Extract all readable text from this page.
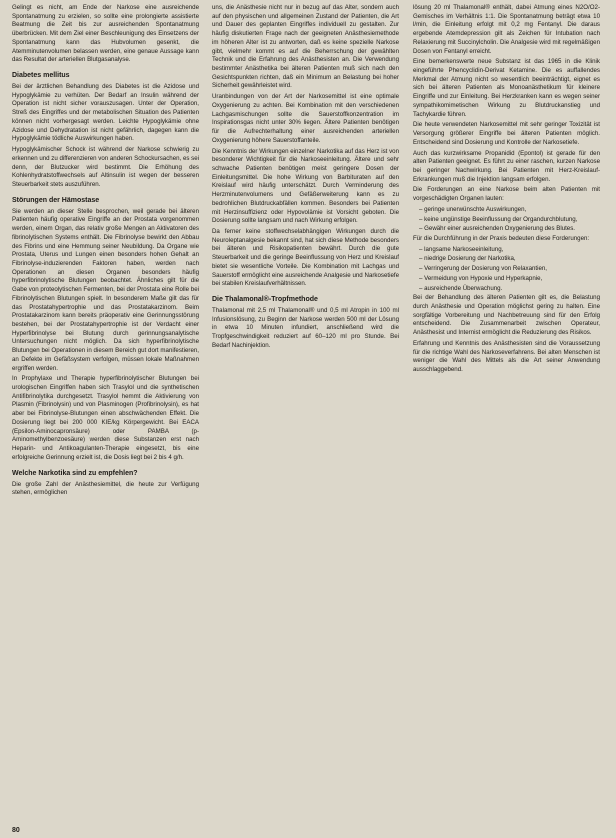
Gelingt es nicht, am Ende der Narkose eine ausreichende Spontanatmung zu erzielen, so sollte eine prolongierte assistierte Beatmung die Zeit bis zur ausreichenden Spontanatmung überbrücken. Mit dem Ziel einer Beschleunigung des Einsetzens der Spontanatmung kann das Hubvolumen gesenkt, die Atemminutenvolumen belassen werden, eine genaue Aussage kann das Resultat der arteriellen Blutgasanalyse.

Diabetes mellitus

Bei der ärztlichen Behandlung des Diabetes ist die Azidose und Hypoglykämie zu verhüten. Der Bedarf an Insulin während der Operation ist nicht sicher vorauszusagen. Unter der Operation, Streß des Eingriffes und der metabolischen Situation des Patienten können nicht vorhergesagt werden. Leichte Hypoglykämie ohne Azidose und Dehydratation ist nicht gefährlich, dagegen kann die Hypoglykämie tödliche Auswirkungen haben.

Hypoglykämischer Schock ist während der Narkose schwierig zu erkennen und zu differenzieren von anderen Schockursachen, es sei denn, der Blutzucker wird bestimmt. Die Erhöhung des Kohlenhydratstoffwechsels auf Altinsulin ist wegen der besseren Steuerbarkeit stets auszuführen.

Störungen der Hämostase

Sie werden an dieser Stelle besprochen, weil gerade bei älteren Patienten häufig operative Eingriffe an der Prostata vorgenommen werden, einem Organ, das relativ große Mengen an Aktivatoren des fibrinolytischen Systems enthält. Die Fibrinolyse bewirkt den Abbau des Fibrins und eine Hemmung seiner Neubildung. Da Organe wie Prostata, Uterus und Lungen einen besonders hohen Gehalt an Fibrinolyse-induzierenden Faktoren haben, werden nach Operationen an diesen Organen besonders häufig hyperfibrinolytische Blutungen beobachtet. Ähnliches gilt für die Gabe von proteolytischen Fermenten, bei der Prostata eine Rolle bei Fibrinolytischen Blutungen spielt. In besonderem Maße gilt das für das Prostatahypertrophie und das Prostatakarzinom. Beim Prostatakarzinom kann bereits präoperativ eine Gerinnungsstörung bestehen, bei der Prostatahypertrophie ist der Verdacht einer Hyperfibrinolyse bei Blutung durch gerinnungsanalytische Untersuchungen nicht möglich. Da sich hyperfibrinolytische Blutungen bei Operationen in diesem Bereich gut dort manifestieren, an Defekte im Gefäßsystem verfolgen, müssen lokale Maßnahmen ergriffen werden.

In Prophylaxe und Therapie hyperfibrinolytischer Blutungen bei urologischen Eingriffen haben sich Trasylol und die synthetischen Antifibrinolytika durchgesetzt. Trasylol hemmt die Aktivierung von Plasmin (Fibrinolysin) und von Plasminogen (Profibrinolysin), es hat aber bei Fibrinolyse-Blutungen einen abschwächenden Effekt. Die Dosierung liegt bei 200 000 KIE/kg Körpergewicht. Bei EACA (Epsilon-Aminocapronsäure) oder PAMBA (p-Aminomethylbenzoesäure) werden diese Substanzen erst nach Heparin- und Antikoagulanten-Therapie eingesetzt, bis eine erfolgreiche Gerinnung erzielt ist, die Dosis liegt bei 2 bis 4 g/h.

Welche Narkotika sind zu empfehlen?

Die große Zahl der Anästhesiemittel, die heute zur Verfügung stehen, ermöglichen

uns, die Anästhesie nicht nur in bezug auf das Alter, sondern auch auf den physischen und allgemeinen Zustand der Patienten, die Art und Dauer des geplanten Eingriffes individuell zu gestalten. Zur häufig diskutierten Frage nach der geeigneten Anästhesiemethode im höheren Alter ist zu antworten, daß es keine spezielle Narkose gibt, vielmehr kommt es auf die Beherrschung der gewählten Technik und die Erfahrung des Anästhesisten an. Die Verwendung bestimmter Anästhetika bei älteren Patienten muß sich nach den Gesichtspunkten richten, daß ein Minimum an Belastung bei hoher Sicherheit gewährleistet wird.

Uranbindungen von der Art der Narkosemittel ist eine optimale Oxygenierung zu achten. Bei Kombination mit den verschiedenen Lachgasmischungen sollte die Sauerstoffkonzentration im Inspirationsgas nicht unter 30% liegen. Ältere Patienten benötigen für die Aufrechterhaltung einer ausreichenden arteriellen Oxygenierung höhere Sauerstoffanteile.

Die Kenntnis der Wirkungen einzelner Narkotika auf das Herz ist von besonderer Wichtigkeit für die Narkoseeinleitung. Ältere und sehr schwache Patienten benötigen meist geringere Dosen der Einleitungsmittel. Die hohe Wirkung von Barbituraten auf den Kreislauf wird häufig unterschätzt. Durch Verminderung des Herzminutenvolumens und Gefäßerweiterung kann es zu bedrohlichen Blutdruckabfällen kommen. Besonders bei Patienten mit Herzinsuffizienz oder Hypovolämie ist Vorsicht geboten. Die Dosierung sollte langsam und nach Wirkung erfolgen.

Da ferner keine stoffwechselabhängigen Wirkungen durch die Neuroleptanalgesie bekannt sind, hat sich diese Methode besonders bei älteren und Risikopatienten bewährt. Durch die gute Steuerbarkeit und die geringe Beeinflussung von Herz und Kreislauf bietet sie wesentliche Vorteile. Die Kombination mit Lachgas und Sauerstoff ermöglicht eine ausreichende Analgesie und Narkosetiefe bei stabilen Kreislaufverhältnissen.

Die Thalamonal®-Tropfmethode

Thalamonal mit 2,5 ml Thalamonal® und 0,5 ml Atropin in 100 ml Infusionslösung, zu Beginn der Narkose werden 500 ml der Lösung in etwa 10 Minuten infundiert, anschließend wird die Tropfgeschwindigkeit reduziert auf 60–120 ml pro Stunde. Bei Bedarf Nachinjektion.

lösung 20 ml Thalamonal® enthält, dabei Atmung eines N2O/O2-Gemisches im Verhältnis 1:1. Die Spontanatmung beträgt etwa 10 l/min, die Einleitung erfolgt mit 0,2 mg Fentanyl. Die daraus ergebende Atemdepression gilt als Zeichen für Intubation nach Relaxierung mit Succinylcholin. Die Analgesie wird mit regelmäßigen Dosen von Fentanyl erreicht.

Eine bemerkenswerte neue Substanz ist das 1965 in die Klinik eingeführte Phencyclidin-Derivat Ketamine. Die es auffallendes Merkmal der Atmung nicht so wesentlich beeinträchtigt, eignet es sich bei älteren Patienten als Monoanästhetikum für kleinere Eingriffe und zur Einleitung. Bei Herzkranken kann es wegen seiner sympathikomimetischen Wirkung zu Blutdruckanstieg und Tachykardie führen.

Die heute verwendeten Narkosemittel mit sehr geringer Toxizität ist Versorgung größerer Eingriffe bei älteren Patienten möglich. Entscheidend sind Dosierung und Kontrolle der Narkosetiefe.

Auch das kurzwirksame Propanidid (Epontol) ist gerade für den alten Patienten geeignet. Es führt zu einer raschen, kurzen Narkose bei geringer Nachwirkung. Bei Patienten mit Herz-Kreislauf-Erkrankungen muß die Injektion langsam erfolgen.

Die Forderungen an eine Narkose beim alten Patienten mit vorgeschädigten Organen lauten:

– geringe unerwünschte Auswirkungen,
– keine ungünstige Beeinflussung der Organdurchblutung,
– Gewähr einer ausreichenden Oxygenierung des Blutes.

Für die Durchführung in der Praxis bedeuten diese Forderungen:

– langsame Narkoseeinleitung,
– niedrige Dosierung der Narkotika,
– Verringerung der Dosierung von Relaxantien,
– Vermeidung von Hypoxie und Hyperkapnie,
– ausreichende Überwachung.

Bei der Behandlung des älteren Patienten gilt es, die Belastung durch Anästhesie und Operation möglichst gering zu halten. Eine sorgfältige Vorbereitung und Nachbetreuung sind für den Erfolg entscheidend. Die Zusammenarbeit zwischen Operateur, Anästhesist und Internist ermöglicht die Reduzierung des Risikos.

Erfahrung und Kenntnis des Anästhesisten sind die Voraussetzung für die richtige Wahl des Narkoseverfahrens. Bei alten Menschen ist weniger die Wahl des Mittels als die Art seiner Anwendung ausschlaggebend.

80
